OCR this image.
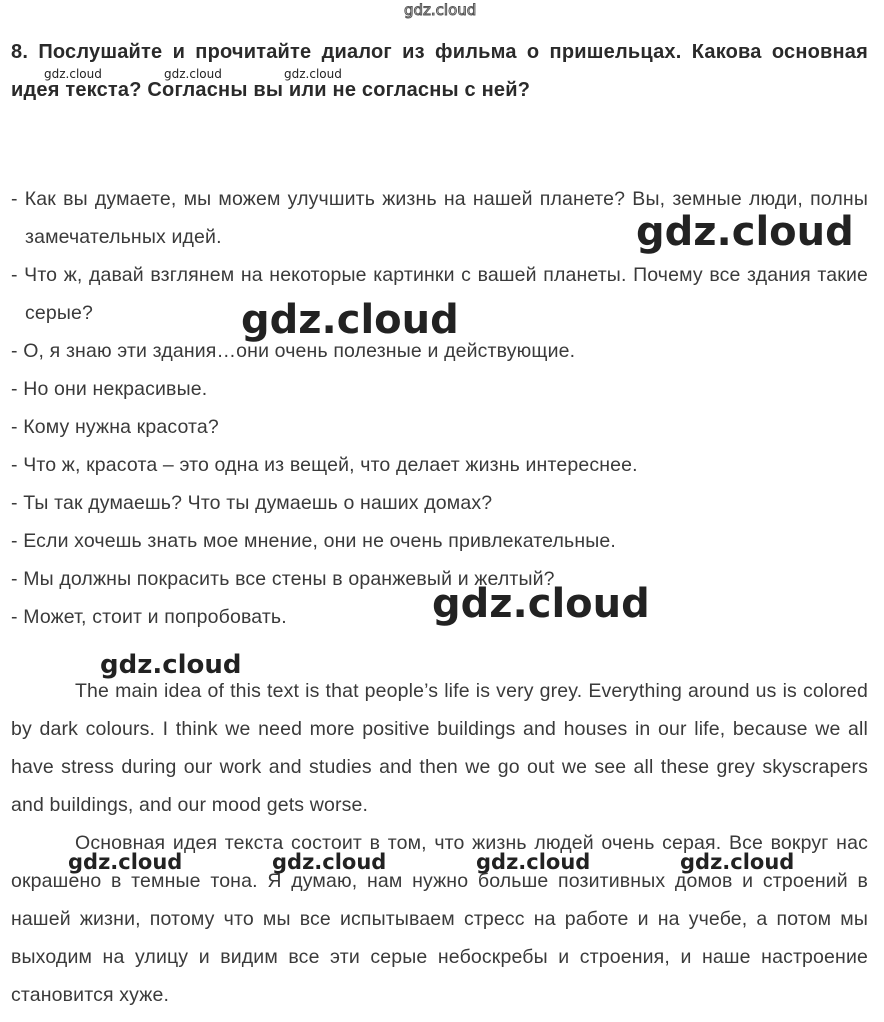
8. Послушайте и прочитайте диалог из фильма о пришельцах. Какова основная идея текста? Согласны вы или не согласны с ней?
- Как вы думаете, мы можем улучшить жизнь на нашей планете? Вы, земные люди, полны замечательных идей.
- Что ж, давай взглянем на некоторые картинки с вашей планеты. Почему все здания такие серые?
- О, я знаю эти здания…они очень полезные и действующие.
- Но они некрасивые.
- Кому нужна красота?
- Что ж, красота – это одна из вещей, что делает жизнь интереснее.
- Ты так думаешь? Что ты думаешь о наших домах?
- Если хочешь знать мое мнение, они не очень привлекательные.
- Мы должны покрасить все стены в оранжевый и желтый?
- Может, стоит и попробовать.

The main idea of this text is that people’s life is very grey. Everything around us is colored by dark colours. I think we need more positive buildings and houses in our life, because we all have stress during our work and studies and then we go out we see all these grey skyscrapers and buildings, and our mood gets worse.

Основная идея текста состоит в том, что жизнь людей очень серая. Все вокруг нас окрашено в темные тона. Я думаю, нам нужно больше позитивных домов и строений в нашей жизни, потому что мы все испытываем стресс на работе и на учебе, а потом мы выходим на улицу и видим все эти серые небоскребы и строения, и наше настроение становится хуже.

gdz.cloud
gdz.cloud	gdz.cloud	gdz.cloud
gdz.cloud
gdz.cloud
gdz.cloud
gdz.cloud
gdz.cloud	gdz.cloud	gdz.cloud	gdz.cloud
